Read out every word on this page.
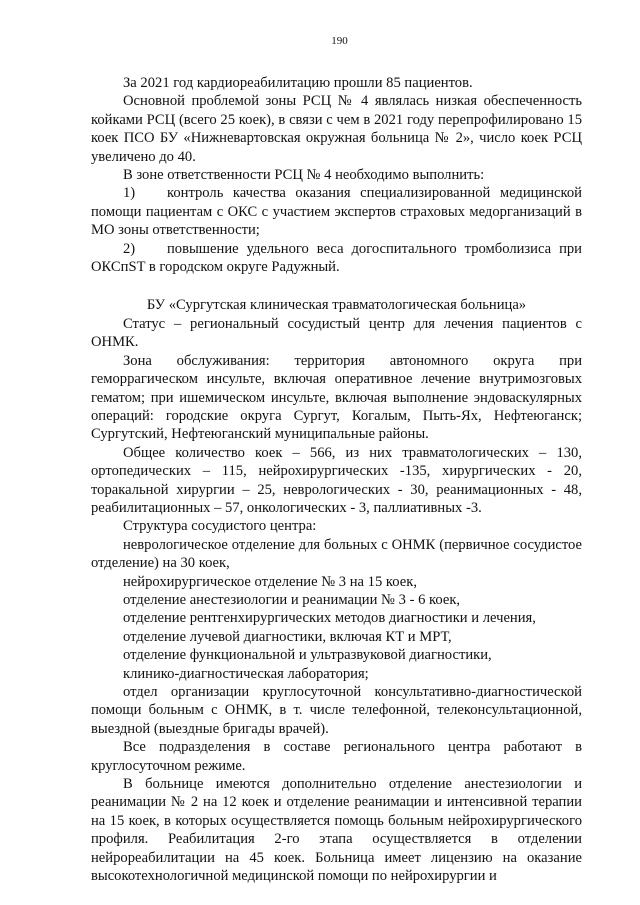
190

За 2021 год кардиореабилитацию прошли 85 пациентов.

Основной проблемой зоны РСЦ № 4 являлась низкая обеспеченность койками РСЦ (всего 25 коек), в связи с чем в 2021 году перепрофилировано 15 коек ПСО БУ «Нижневартовская окружная больница № 2», число коек РСЦ увеличено до 40.

В зоне ответственности РСЦ № 4 необходимо выполнить:

1) контроль качества оказания специализированной медицинской помощи пациентам с ОКС с участием экспертов страховых медорганизаций в МО зоны ответственности;

2) повышение удельного веса догоспитального тромболизиса при ОКСпST в городском округе Радужный.

БУ «Сургутская клиническая травматологическая больница»

Статус – региональный сосудистый центр для лечения пациентов с ОНМК.

Зона обслуживания: территория автономного округа при геморрагическом инсульте, включая оперативное лечение внутримозговых гематом; при ишемическом инсульте, включая выполнение эндоваскулярных операций: городские округа Сургут, Когалым, Пыть-Ях, Нефтеюганск; Сургутский, Нефтеюганский муниципальные районы.

Общее количество коек – 566, из них травматологических – 130, ортопедических – 115, нейрохирургических -135, хирургических - 20, торакальной хирургии – 25, неврологических - 30, реанимационных - 48, реабилитационных – 57, онкологических - 3, паллиативных -3.

Структура сосудистого центра:

неврологическое отделение для больных с ОНМК (первичное сосудистое отделение) на 30 коек,

нейрохирургическое отделение № 3 на 15 коек,

отделение анестезиологии и реанимации № 3 - 6 коек,

отделение рентгенхирургических методов диагностики и лечения,

отделение лучевой диагностики, включая КТ и МРТ,

отделение функциональной и ультразвуковой диагностики,

клинико-диагностическая лаборатория;

отдел организации круглосуточной консультативно-диагностической помощи больным с ОНМК, в т. числе телефонной, телеконсультационной, выездной (выездные бригады врачей).

Все подразделения в составе регионального центра работают в круглосуточном режиме.

В больнице имеются дополнительно отделение анестезиологии и реанимации № 2 на 12 коек и отделение реанимации и интенсивной терапии на 15 коек, в которых осуществляется помощь больным нейрохирургического профиля. Реабилитация 2-го этапа осуществляется в отделении нейрореабилитации на 45 коек. Больница имеет лицензию на оказание высокотехнологичной медицинской помощи по нейрохирургии и
